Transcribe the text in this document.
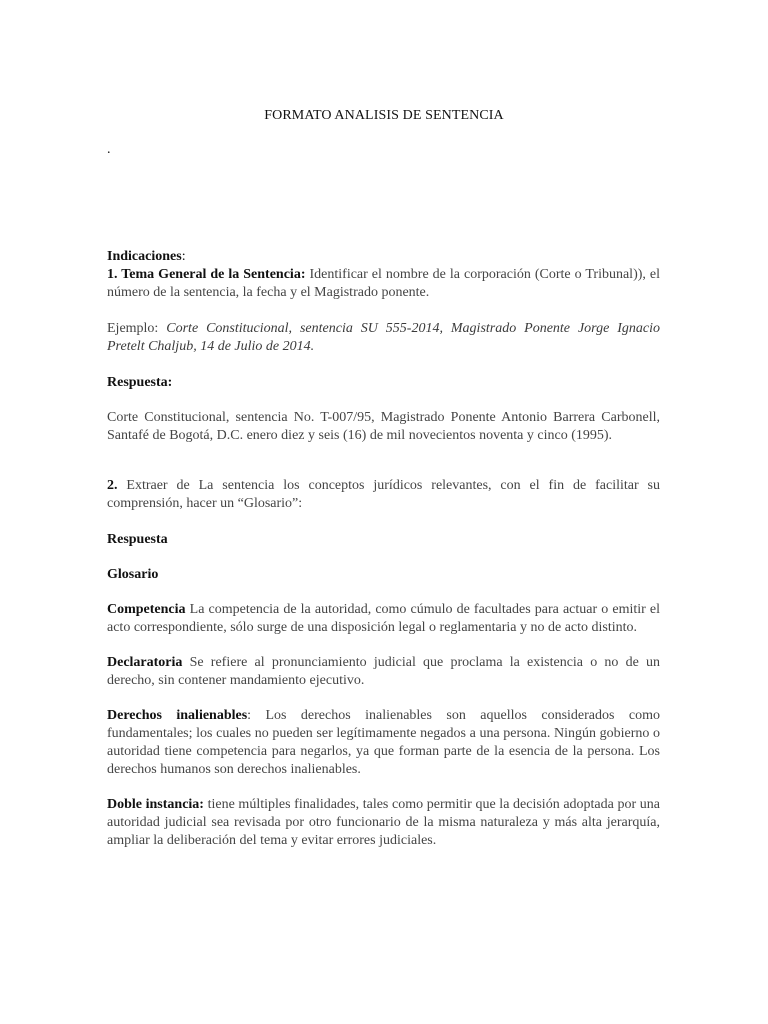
FORMATO ANALISIS DE SENTENCIA
.

Indicaciones:

1. Tema General de la Sentencia: Identificar el nombre de la corporación (Corte o Tribunal)), el número de la sentencia, la fecha y el Magistrado ponente.

Ejemplo: Corte Constitucional, sentencia SU 555-2014, Magistrado Ponente Jorge Ignacio Pretelt Chaljub, 14 de Julio de 2014.

Respuesta:

Corte Constitucional, sentencia No. T-007/95, Magistrado Ponente Antonio Barrera Carbonell, Santafé de Bogotá, D.C. enero diez y seis (16) de mil novecientos noventa y cinco (1995).

2. Extraer de La sentencia los conceptos jurídicos relevantes, con el fin de facilitar su comprensión, hacer un “Glosario”:

Respuesta

Glosario

Competencia La competencia de la autoridad, como cúmulo de facultades para actuar o emitir el acto correspondiente, sólo surge de una disposición legal o reglamentaria y no de acto distinto.

Declaratoria Se refiere al pronunciamiento judicial que proclama la existencia o no de un derecho, sin contener mandamiento ejecutivo.

Derechos inalienables: Los derechos inalienables son aquellos considerados como fundamentales; los cuales no pueden ser legítimamente negados a una persona. Ningún gobierno o autoridad tiene competencia para negarlos, ya que forman parte de la esencia de la persona. Los derechos humanos son derechos inalienables.

Doble instancia: tiene múltiples finalidades, tales como permitir que la decisión adoptada por una autoridad judicial sea revisada por otro funcionario de la misma naturaleza y más alta jerarquía, ampliar la deliberación del tema y evitar errores judiciales.
